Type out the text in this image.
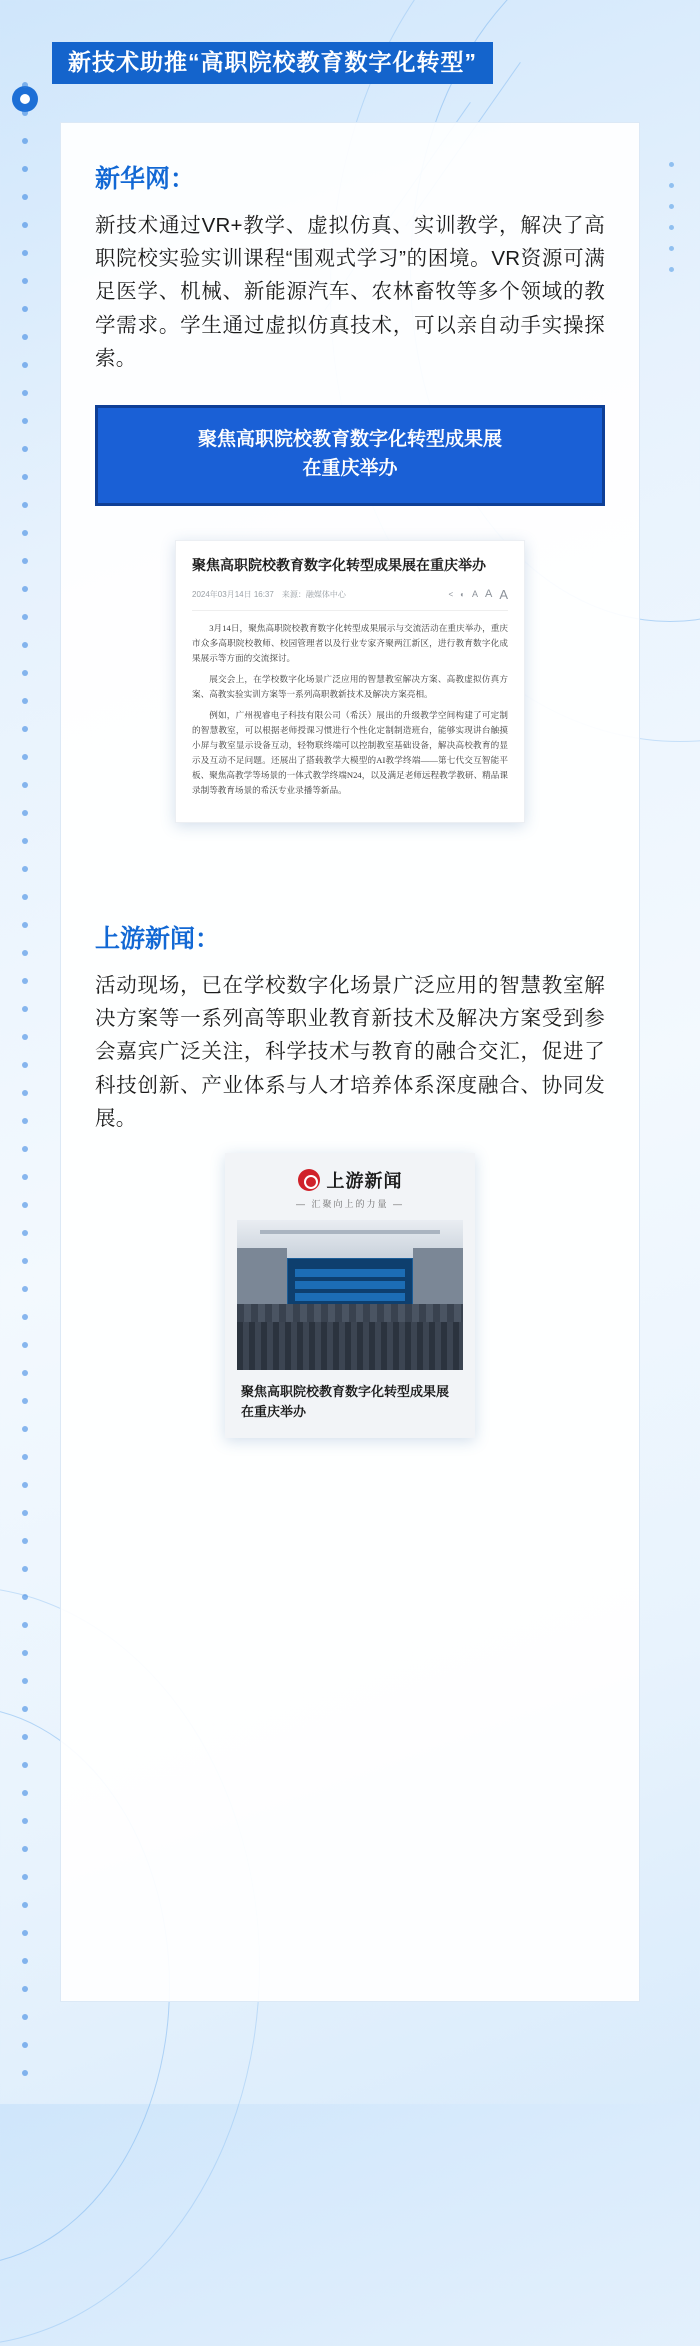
新技术助推“高职院校教育数字化转型”
新华网：
新技术通过VR+教学、虚拟仿真、实训教学，解决了高职院校实验实训课程“围观式学习”的困境。VR资源可满足医学、机械、新能源汽车、农林畜牧等多个领域的教学需求。学生通过虚拟仿真技术，可以亲自动手实操探索。
聚焦高职院校教育数字化转型成果展
在重庆举办
聚焦高职院校教育数字化转型成果展在重庆举办
2024年03月14日 16:37 来源：融媒体中心	< ◐ A A A
3月14日，聚焦高职院校教育数字化转型成果展示与交流活动在重庆举办，重庆市众多高职院校教师、校园管理者以及行业专家齐聚两江新区，进行教育数字化成果展示等方面的交流探讨。
展交会上，在学校数字化场景广泛应用的智慧教室解决方案、高教虚拟仿真方案、高教实验实训方案等一系列高职教新技术及解决方案亮相。
例如，广州视睿电子科技有限公司（希沃）展出的升级教学空间构建了可定制的智慧教室，可以根据老师授课习惯进行个性化定制制造班台，能够实现讲台触摸小屏与教室显示设备互动，轻物联终端可以控制教室基础设备，解决高校教育的显示及互动不足问题。还展出了搭载教学大模型的AI教学终端——第七代交互智能平板、聚焦高教学等场景的一体式教学终端N24，以及满足老师远程教学教研、精品课录制等教育场景的希沃专业录播等新品。
上游新闻：
活动现场，已在学校数字化场景广泛应用的智慧教室解决方案等一系列高等职业教育新技术及解决方案受到参会嘉宾广泛关注，科学技术与教育的融合交汇，促进了科技创新、产业体系与人才培养体系深度融合、协同发展。
上游新闻
— 汇聚向上的力量 —
聚焦高职院校教育数字化转型成果展在重庆举办
